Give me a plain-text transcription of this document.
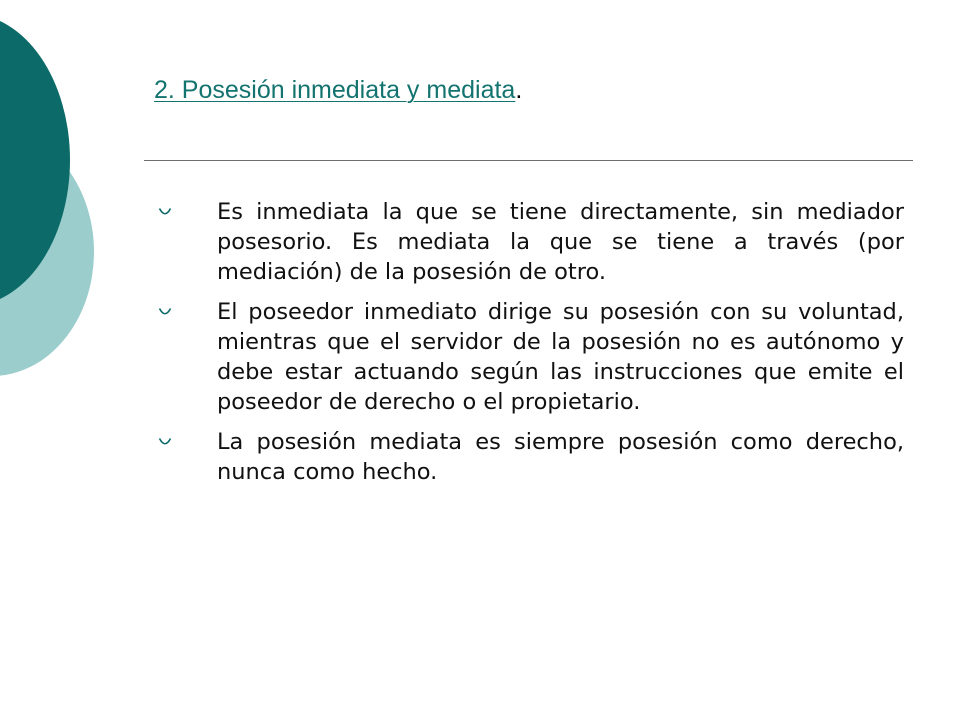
2. Posesión inmediata y mediata.
Es inmediata la que se tiene directamente, sin mediador posesorio. Es mediata la que se tiene a través (por mediación) de la posesión de otro.
El poseedor inmediato dirige su posesión con su voluntad, mientras que el servidor de la posesión no es autónomo y debe estar actuando según las instrucciones que emite el poseedor de derecho o el propietario.
La posesión mediata es siempre posesión como derecho, nunca como hecho.
